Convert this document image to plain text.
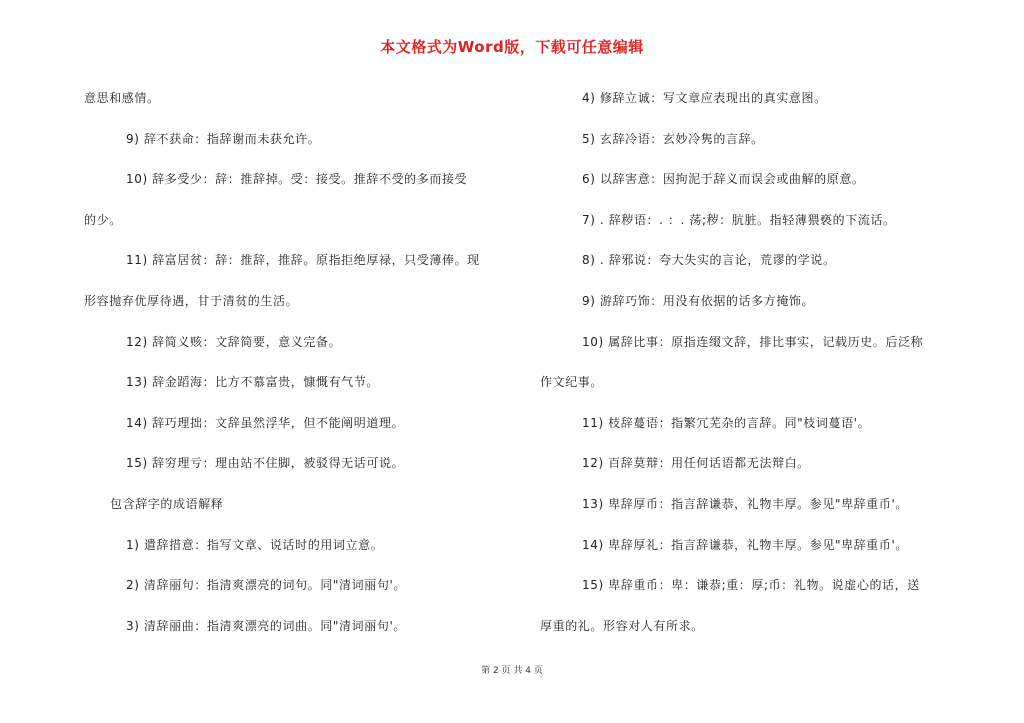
本文格式为Word版，下载可任意编辑
意思和感情。
9) 辞不获命：指辞谢而未获允许。
10) 辞多受少：辞：推辞掉。受：接受。推辞不受的多而接受
的少。
11) 辞富居贫：辞：推辞，推辞。原指拒绝厚禄，只受薄俸。现
形容抛弃优厚待遇，甘于清贫的生活。
12) 辞简义赅：文辞简要，意义完备。
13) 辞金蹈海：比方不慕富贵，慷慨有气节。
14) 辞巧理拙：文辞虽然浮华，但不能阐明道理。
15) 辞穷理亏：理由站不住脚，被驳得无话可说。
包含辞字的成语解释
1) 遣辞措意：指写文章、说话时的用词立意。
2) 清辞丽句：指清爽漂亮的词句。同"清词丽句'。
3) 清辞丽曲：指清爽漂亮的词曲。同"清词丽句'。
4) 修辞立诚：写文章应表现出的真实意图。
5) 玄辞冷语：玄妙冷隽的言辞。
6) 以辞害意：因拘泥于辞义而误会或曲解的原意。
7) . 辞秽语：. ：. 荡;秽：肮脏。指轻薄猥亵的下流话。
8) . 辞邪说：夸大失实的言论，荒谬的学说。
9) 游辞巧饰：用没有依据的话多方掩饰。
10) 属辞比事：原指连缀文辞，排比事实，记载历史。后泛称
作文纪事。
11) 枝辞蔓语：指繁冗芜杂的言辞。同"枝词蔓语'。
12) 百辞莫辩：用任何话语都无法辩白。
13) 卑辞厚币：指言辞谦恭，礼物丰厚。参见"卑辞重币'。
14) 卑辞厚礼：指言辞谦恭，礼物丰厚。参见"卑辞重币'。
15) 卑辞重币：卑：谦恭;重：厚;币：礼物。说虚心的话，送
厚重的礼。形容对人有所求。
第 2 页 共 4 页
